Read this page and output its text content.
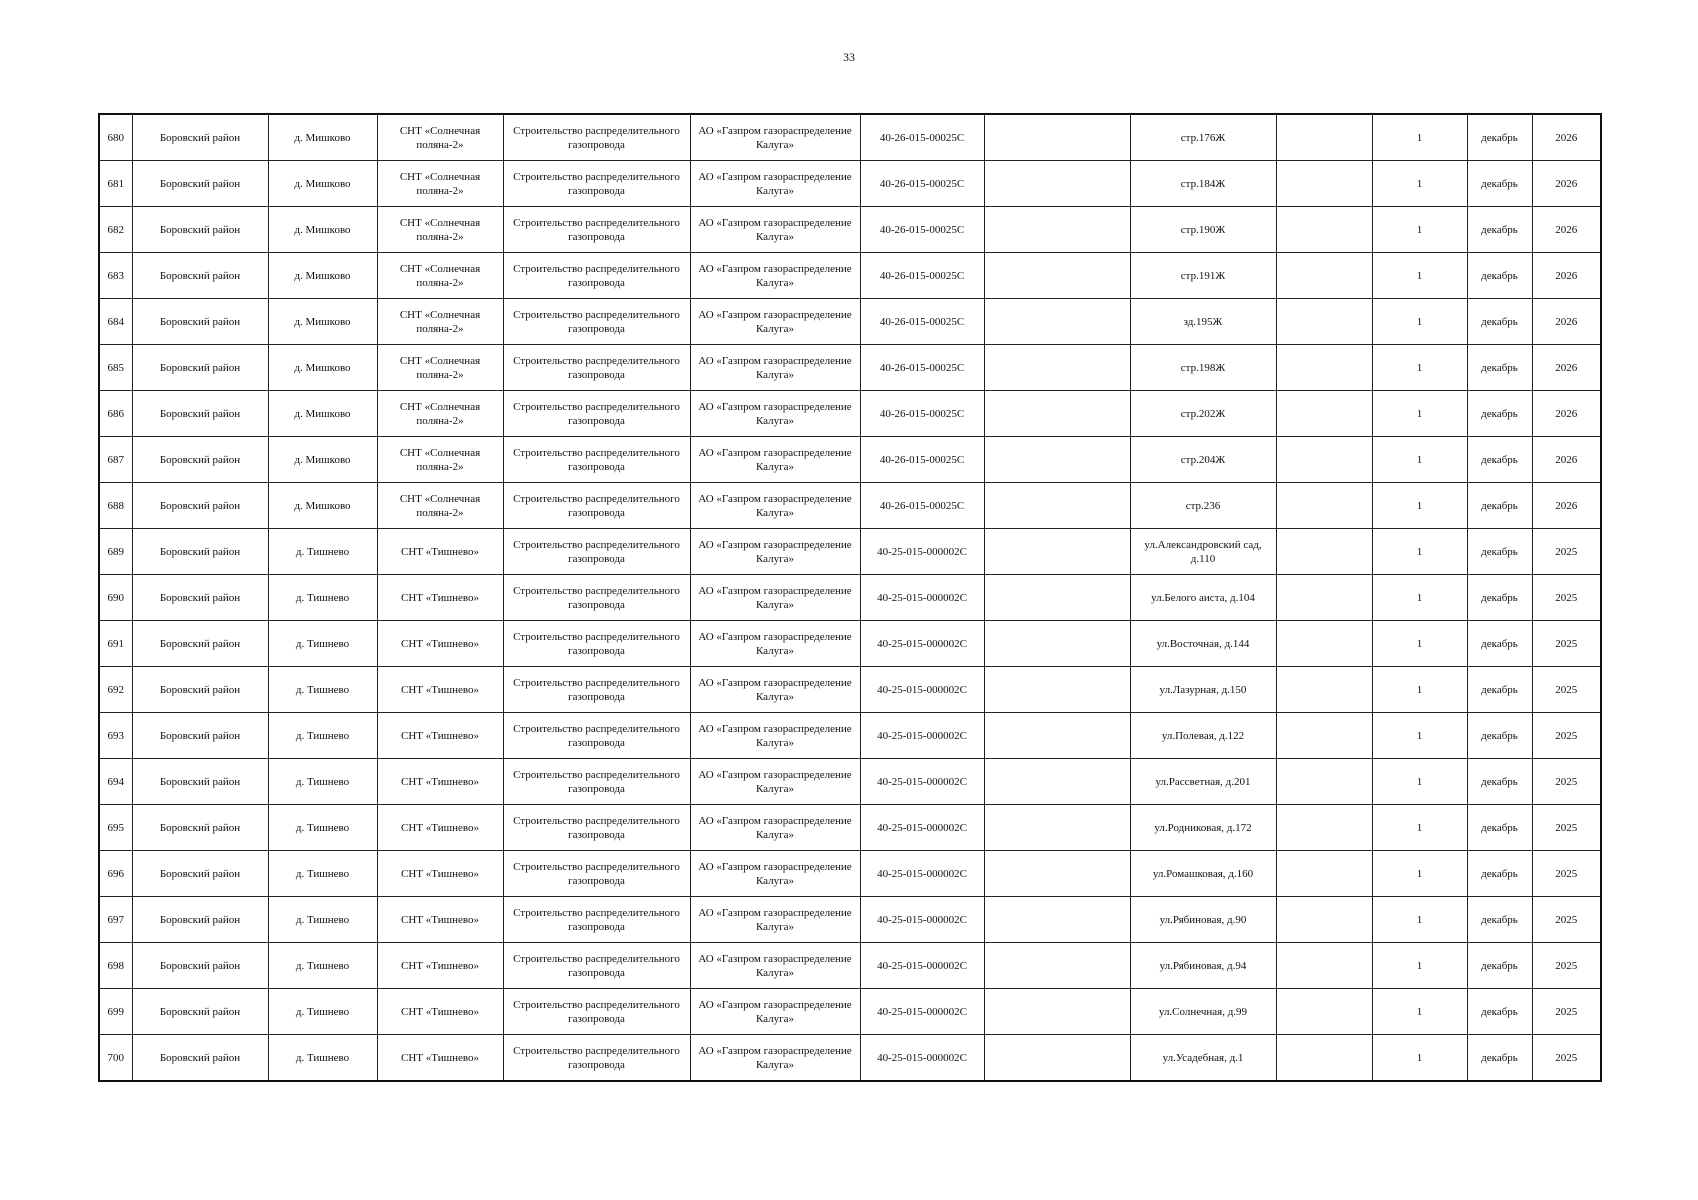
33
680	Боровский район	д. Мишково	СНТ «Солнечная поляна-2»	Строительство распределительного газопровода	АО «Газпром газораспределение Калуга»	40-26-015-00025С		стр.176Ж		1	декабрь	2026
681	Боровский район	д. Мишково	СНТ «Солнечная поляна-2»	Строительство распределительного газопровода	АО «Газпром газораспределение Калуга»	40-26-015-00025С		стр.184Ж		1	декабрь	2026
682	Боровский район	д. Мишково	СНТ «Солнечная поляна-2»	Строительство распределительного газопровода	АО «Газпром газораспределение Калуга»	40-26-015-00025С		стр.190Ж		1	декабрь	2026
683	Боровский район	д. Мишково	СНТ «Солнечная поляна-2»	Строительство распределительного газопровода	АО «Газпром газораспределение Калуга»	40-26-015-00025С		стр.191Ж		1	декабрь	2026
684	Боровский район	д. Мишково	СНТ «Солнечная поляна-2»	Строительство распределительного газопровода	АО «Газпром газораспределение Калуга»	40-26-015-00025С		зд.195Ж		1	декабрь	2026
685	Боровский район	д. Мишково	СНТ «Солнечная поляна-2»	Строительство распределительного газопровода	АО «Газпром газораспределение Калуга»	40-26-015-00025С		стр.198Ж		1	декабрь	2026
686	Боровский район	д. Мишково	СНТ «Солнечная поляна-2»	Строительство распределительного газопровода	АО «Газпром газораспределение Калуга»	40-26-015-00025С		стр.202Ж		1	декабрь	2026
687	Боровский район	д. Мишково	СНТ «Солнечная поляна-2»	Строительство распределительного газопровода	АО «Газпром газораспределение Калуга»	40-26-015-00025С		стр.204Ж		1	декабрь	2026
688	Боровский район	д. Мишково	СНТ «Солнечная поляна-2»	Строительство распределительного газопровода	АО «Газпром газораспределение Калуга»	40-26-015-00025С		стр.236		1	декабрь	2026
689	Боровский район	д. Тишнево	СНТ «Тишнево»	Строительство распределительного газопровода	АО «Газпром газораспределение Калуга»	40-25-015-000002С		ул.Александровский сад, д.110		1	декабрь	2025
690	Боровский район	д. Тишнево	СНТ «Тишнево»	Строительство распределительного газопровода	АО «Газпром газораспределение Калуга»	40-25-015-000002С		ул.Белого аиста, д.104		1	декабрь	2025
691	Боровский район	д. Тишнево	СНТ «Тишнево»	Строительство распределительного газопровода	АО «Газпром газораспределение Калуга»	40-25-015-000002С		ул.Восточная, д.144		1	декабрь	2025
692	Боровский район	д. Тишнево	СНТ «Тишнево»	Строительство распределительного газопровода	АО «Газпром газораспределение Калуга»	40-25-015-000002С		ул.Лазурная, д.150		1	декабрь	2025
693	Боровский район	д. Тишнево	СНТ «Тишнево»	Строительство распределительного газопровода	АО «Газпром газораспределение Калуга»	40-25-015-000002С		ул.Полевая, д.122		1	декабрь	2025
694	Боровский район	д. Тишнево	СНТ «Тишнево»	Строительство распределительного газопровода	АО «Газпром газораспределение Калуга»	40-25-015-000002С		ул.Рассветная, д.201		1	декабрь	2025
695	Боровский район	д. Тишнево	СНТ «Тишнево»	Строительство распределительного газопровода	АО «Газпром газораспределение Калуга»	40-25-015-000002С		ул.Родниковая, д.172		1	декабрь	2025
696	Боровский район	д. Тишнево	СНТ «Тишнево»	Строительство распределительного газопровода	АО «Газпром газораспределение Калуга»	40-25-015-000002С		ул.Ромашковая, д.160		1	декабрь	2025
697	Боровский район	д. Тишнево	СНТ «Тишнево»	Строительство распределительного газопровода	АО «Газпром газораспределение Калуга»	40-25-015-000002С		ул.Рябиновая, д.90		1	декабрь	2025
698	Боровский район	д. Тишнево	СНТ «Тишнево»	Строительство распределительного газопровода	АО «Газпром газораспределение Калуга»	40-25-015-000002С		ул.Рябиновая, д.94		1	декабрь	2025
699	Боровский район	д. Тишнево	СНТ «Тишнево»	Строительство распределительного газопровода	АО «Газпром газораспределение Калуга»	40-25-015-000002С		ул.Солнечная, д.99		1	декабрь	2025
700	Боровский район	д. Тишнево	СНТ «Тишнево»	Строительство распределительного газопровода	АО «Газпром газораспределение Калуга»	40-25-015-000002С		ул.Усадебная, д.1		1	декабрь	2025
